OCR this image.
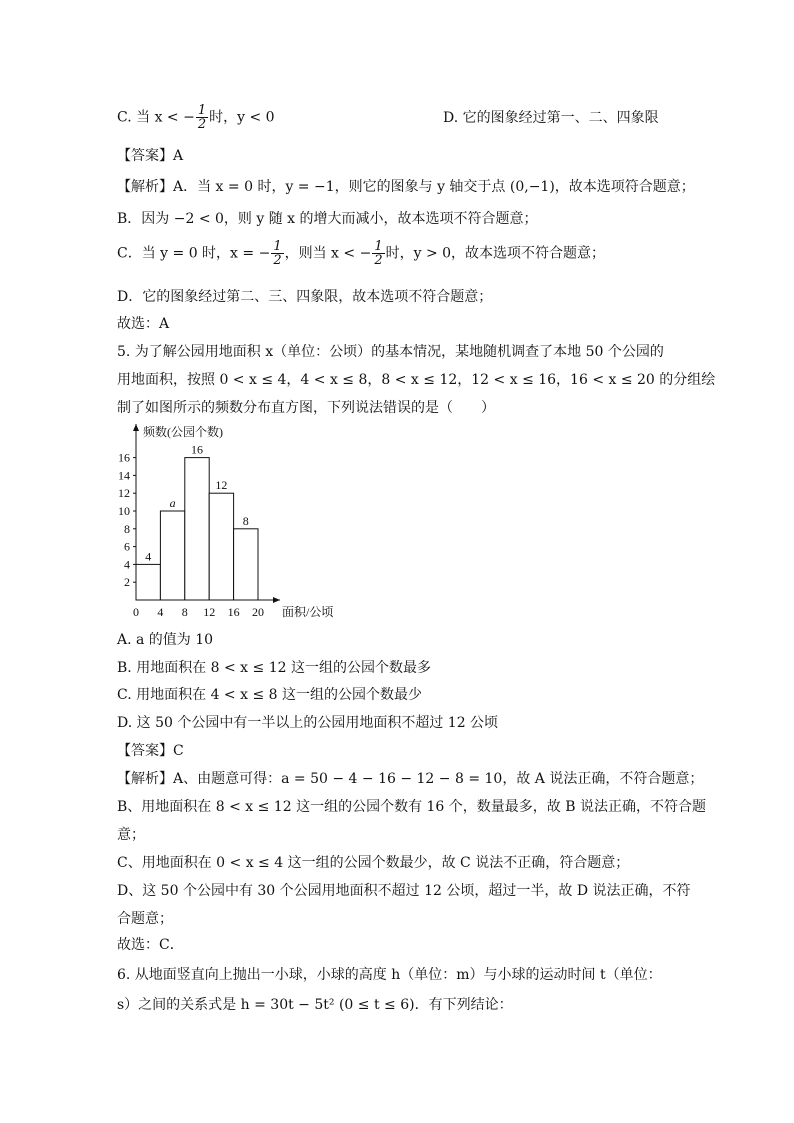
C. 当 x < − $\frac{1}{2}$ 时，y < 0	D. 它的图象经过第一、二、四象限
【答案】A
【解析】A．当 x = 0 时，y = −1，则它的图象与 y 轴交于点 (0,−1)，故本选项符合题意；
B．因为 −2 < 0，则 y 随 x 的增大而减小，故本选项不符合题意；
C．当 y = 0 时，x = − $\frac{1}{2}$ ，则当 x < − $\frac{1}{2}$ 时，y > 0，故本选项不符合题意；
D．它的图象经过第二、三、四象限，故本选项不符合题意；
故选：A
5. 为了解公园用地面积 x（单位：公顷）的基本情况，某地随机调查了本地 50 个公园的
用地面积，按照 0 < x ≤ 4，4 < x ≤ 8，8 < x ≤ 12，12 < x ≤ 16，16 < x ≤ 20 的分组绘
制了如图所示的频数分布直方图，下列说法错误的是（　　）
频数(公园个数)
面积/公顷
2
4
6
8
10
12
14
16
0 4 8 12 16 20
4
a
16
12
8
A. a 的值为 10
B. 用地面积在 8 < x ≤ 12 这一组的公园个数最多
C. 用地面积在 4 < x ≤ 8 这一组的公园个数最少
D. 这 50 个公园中有一半以上的公园用地面积不超过 12 公顷
【答案】C
【解析】A、由题意可得：a = 50 − 4 − 16 − 12 − 8 = 10，故 A 说法正确，不符合题意；
B、用地面积在 8 < x ≤ 12 这一组的公园个数有 16 个，数量最多，故 B 说法正确，不符合题
意；
C、用地面积在 0 < x ≤ 4 这一组的公园个数最少，故 C 说法不正确，符合题意；
D、这 50 个公园中有 30 个公园用地面积不超过 12 公顷，超过一半，故 D 说法正确，不符
合题意；
故选：C．
6. 从地面竖直向上抛出一小球，小球的高度 h（单位：m）与小球的运动时间 t（单位：
s）之间的关系式是 h = 30t − 5t² (0 ≤ t ≤ 6)．有下列结论：
